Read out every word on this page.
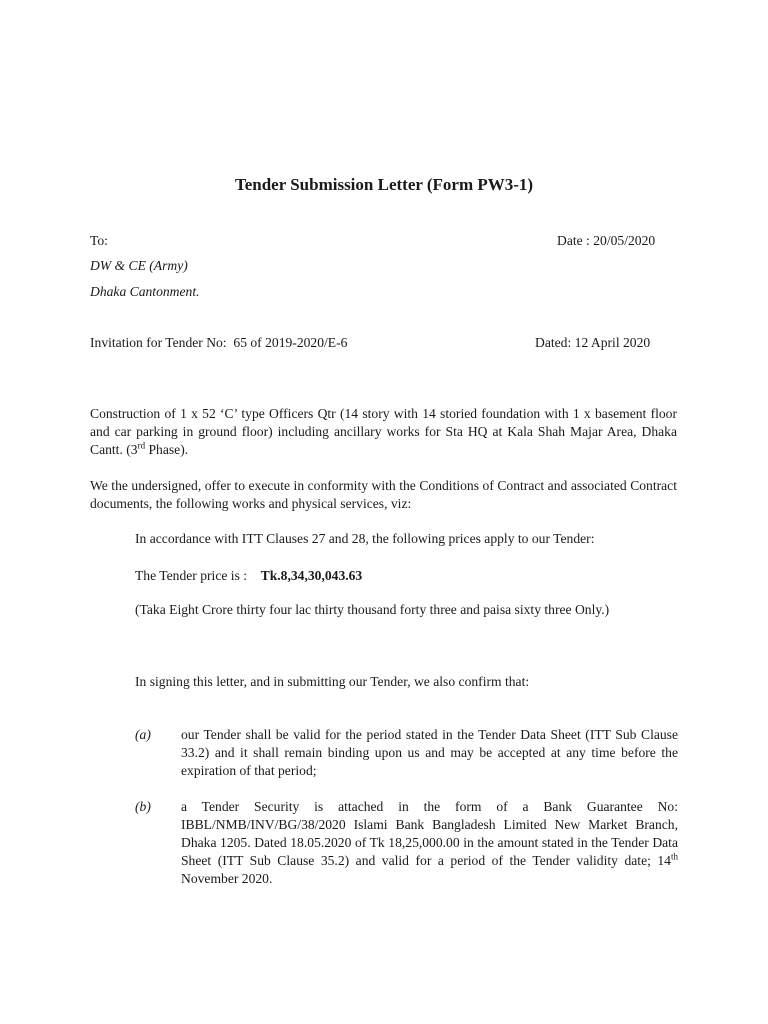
Tender Submission Letter (Form PW3-1)
To:	Date : 20/05/2020
DW & CE (Army)
Dhaka Cantonment.
Invitation for Tender No: 65 of 2019-2020/E-6	Dated: 12 April 2020
Construction of 1 x 52 ‘C’ type Officers Qtr (14 story with 14 storied foundation with 1 x basement floor and car parking in ground floor) including ancillary works for Sta HQ at Kala Shah Majar Area, Dhaka Cantt. (3rd Phase).
We the undersigned, offer to execute in conformity with the Conditions of Contract and associated Contract documents, the following works and physical services, viz:
In accordance with ITT Clauses 27 and 28, the following prices apply to our Tender:
The Tender price is : Tk.8,34,30,043.63
(Taka Eight Crore thirty four lac thirty thousand forty three and paisa sixty three Only.)
In signing this letter, and in submitting our Tender, we also confirm that:
(a)	our Tender shall be valid for the period stated in the Tender Data Sheet (ITT Sub Clause 33.2) and it shall remain binding upon us and may be accepted at any time before the expiration of that period;
(b)	a Tender Security is attached in the form of a Bank Guarantee No: IBBL/NMB/INV/BG/38/2020 Islami Bank Bangladesh Limited New Market Branch, Dhaka 1205. Dated 18.05.2020 of Tk 18,25,000.00 in the amount stated in the Tender Data Sheet (ITT Sub Clause 35.2) and valid for a period of the Tender validity date; 14th November 2020.
